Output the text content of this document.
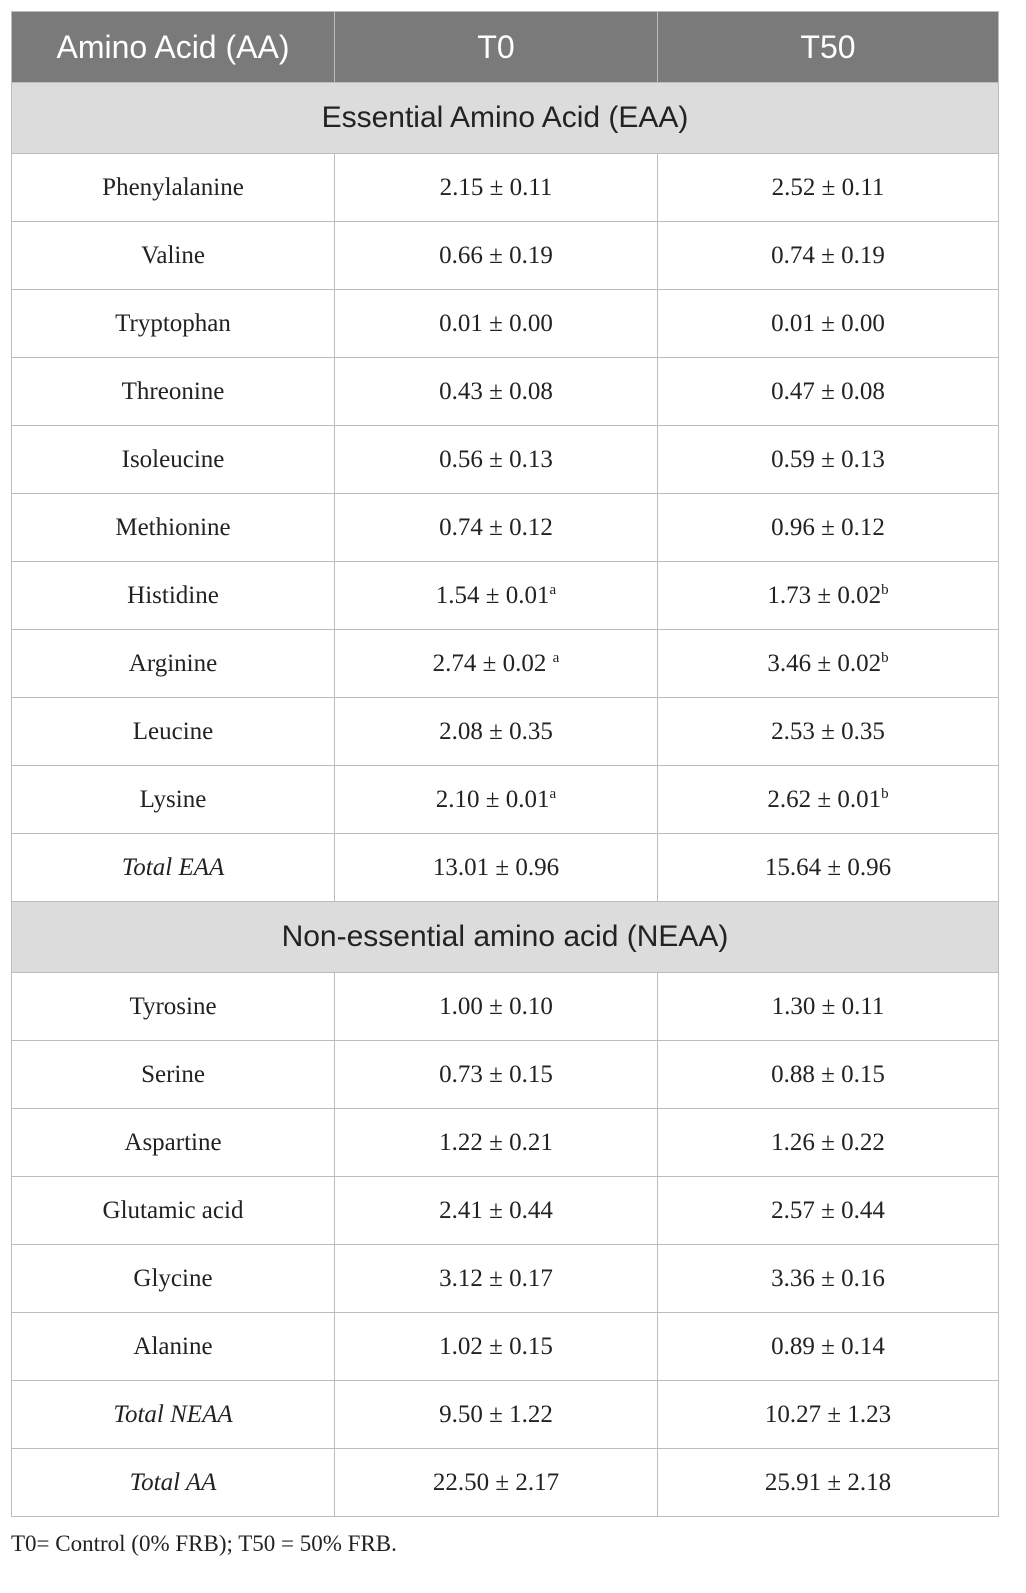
Amino Acid (AA)	T0	T50
Essential Amino Acid (EAA)		
Phenylalanine	2.15 ± 0.11	2.52 ± 0.11
Valine	0.66 ± 0.19	0.74 ± 0.19
Tryptophan	0.01 ± 0.00	0.01 ± 0.00
Threonine	0.43 ± 0.08	0.47 ± 0.08
Isoleucine	0.56 ± 0.13	0.59 ± 0.13
Methionine	0.74 ± 0.12	0.96 ± 0.12
Histidine	1.54 ± 0.01$^a$	1.73 ± 0.02$^b$
Arginine	2.74 ± 0.02 $^a$	3.46 ± 0.02$^b$
Leucine	2.08 ± 0.35	2.53 ± 0.35
Lysine	2.10 ± 0.01$^a$	2.62 ± 0.01$^b$
Total EAA	13.01 ± 0.96	15.64 ± 0.96
Non-essential amino acid (NEAA)		
Tyrosine	1.00 ± 0.10	1.30 ± 0.11
Serine	0.73 ± 0.15	0.88 ± 0.15
Aspartine	1.22 ± 0.21	1.26 ± 0.22
Glutamic acid	2.41 ± 0.44	2.57 ± 0.44
Glycine	3.12 ± 0.17	3.36 ± 0.16
Alanine	1.02 ± 0.15	0.89 ± 0.14
Total NEAA	9.50 ± 1.22	10.27 ± 1.23
Total AA	22.50 ± 2.17	25.91 ± 2.18
T0= Control (0% FRB); T50 = 50% FRB.
